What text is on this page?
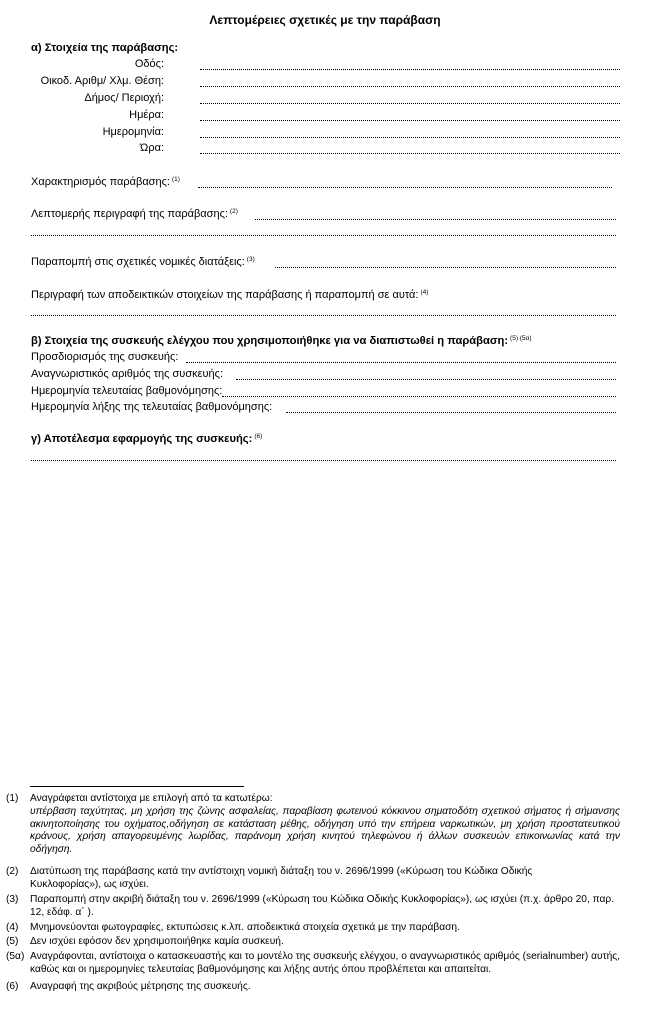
Λεπτομέρειες σχετικές με την παράβαση
α) Στοιχεία της παράβασης:
Οδός:
Οικοδ. Αριθμ/ Χλμ. Θέση:
Δήμος/ Περιοχή:
Ημέρα:
Ημερομηνία:
Ώρα:
Χαρακτηρισμός παράβασης: $^{(1)}$
Λεπτομερής περιγραφή της παράβασης: $^{(2)}$
Παραπομπή στις σχετικές νομικές διατάξεις: $^{(3)}$
Περιγραφή των αποδεικτικών στοιχείων της παράβασης ή παραπομπή σε αυτά: $^{(4)}$
β) Στοιχεία της συσκευής ελέγχου που χρησιμοποιήθηκε για να διαπιστωθεί η παράβαση: $^{(5) (5\alpha)}$
Προσδιορισμός της συσκευής:
Αναγνωριστικός αριθμός της συσκευής:
Ημερομηνία τελευταίας βαθμονόμησης:
Ημερομηνία λήξης της τελευταίας βαθμονόμησης:
γ) Αποτέλεσμα εφαρμογής της συσκευής: $^{(6)}$
(1) Αναγράφεται αντίστοιχα με επιλογή από τα κατωτέρω:
υπέρβαση ταχύτητας, μη χρήση της ζώνης ασφαλείας, παραβίαση φωτεινού κόκκινου σηματοδότη σχετικού σήματος ή σήμανσης ακινητοποίησης του οχήματος,οδήγηση σε κατάσταση μέθης, οδήγηση υπό την επήρεια ναρκωτικών, μη χρήση προστατευτικού κράνους, χρήση απαγορευμένης λωρίδας, παράνομη χρήση κινητού τηλεφώνου ή άλλων συσκευών επικοινωνίας κατά την οδήγηση.
(2) Διατύπωση της παράβασης κατά την αντίστοιχη νομική διάταξη του ν. 2696/1999 («Κύρωση του Κώδικα Οδικής Κυκλοφορίας»), ως ισχύει.
(3) Παραπομπή στην ακριβή διάταξη του ν. 2696/1999 («Κύρωση του Κώδικα Οδικής Κυκλοφορίας»), ως ισχύει (π.χ. άρθρο 20, παρ. 12, εδάφ. α΄ ).
(4) Μνημονεύονται φωτογραφίες, εκτυπώσεις κ.λπ. αποδεικτικά στοιχεία σχετικά με την παράβαση.
(5) Δεν ισχύει εφόσον δεν χρησιμοποιήθηκε καμία συσκευή.
(5α) Αναγράφονται, αντίστοιχα ο κατασκευαστής και το μοντέλο της συσκευής ελέγχου, ο αναγνωριστικός αριθμός (serialnumber) αυτής, καθώς και οι ημερομηνίες τελευταίας βαθμονόμησης και λήξης αυτής όπου προβλέπεται και απαιτείται.
(6) Αναγραφή της ακριβούς μέτρησης της συσκευής.
